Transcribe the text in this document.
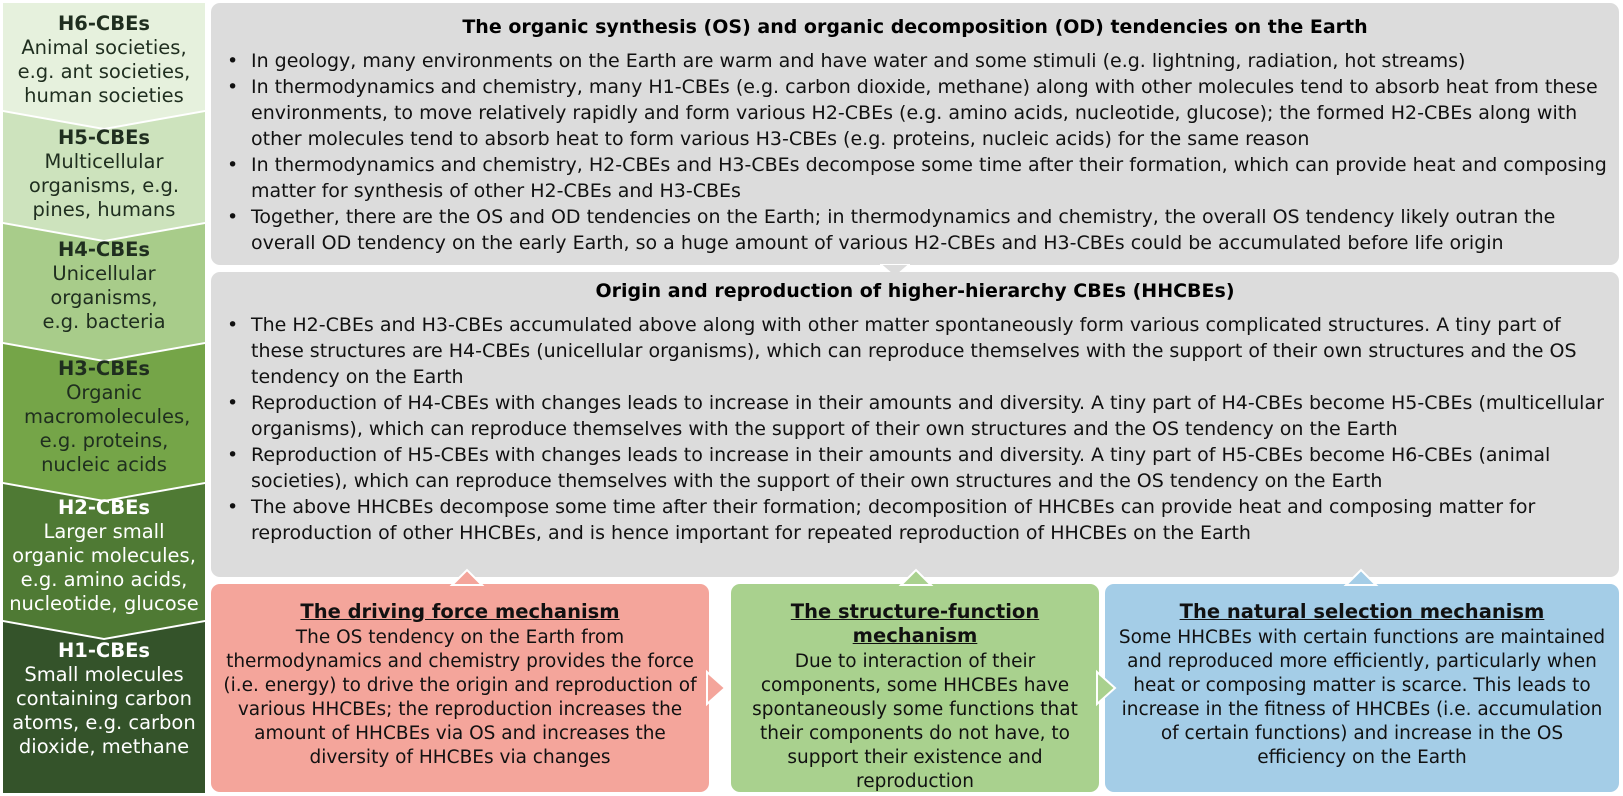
H6-CBEs
Animal societies, e.g. ant societies, human societies
H5-CBEs
Multicellular organisms, e.g. pines, humans
H4-CBEs
Unicellular organisms, e.g. bacteria
H3-CBEs
Organic macromolecules, e.g. proteins, nucleic acids
H2-CBEs
Larger small organic molecules, e.g. amino acids, nucleotide, glucose
H1-CBEs
Small molecules containing carbon atoms, e.g. carbon dioxide, methane
The organic synthesis (OS) and organic decomposition (OD) tendencies on the Earth
• In geology, many environments on the Earth are warm and have water and some stimuli (e.g. lightning, radiation, hot streams)
• In thermodynamics and chemistry, many H1-CBEs (e.g. carbon dioxide, methane) along with other molecules tend to absorb heat from these environments, to move relatively rapidly and form various H2-CBEs (e.g. amino acids, nucleotide, glucose); the formed H2-CBEs along with other molecules tend to absorb heat to form various H3-CBEs (e.g. proteins, nucleic acids) for the same reason
• In thermodynamics and chemistry, H2-CBEs and H3-CBEs decompose some time after their formation, which can provide heat and composing matter for synthesis of other H2-CBEs and H3-CBEs
• Together, there are the OS and OD tendencies on the Earth; in thermodynamics and chemistry, the overall OS tendency likely outran the overall OD tendency on the early Earth, so a huge amount of various H2-CBEs and H3-CBEs could be accumulated before life origin
Origin and reproduction of higher-hierarchy CBEs (HHCBEs)
• The H2-CBEs and H3-CBEs accumulated above along with other matter spontaneously form various complicated structures. A tiny part of these structures are H4-CBEs (unicellular organisms), which can reproduce themselves with the support of their own structures and the OS tendency on the Earth
• Reproduction of H4-CBEs with changes leads to increase in their amounts and diversity. A tiny part of H4-CBEs become H5-CBEs (multicellular organisms), which can reproduce themselves with the support of their own structures and the OS tendency on the Earth
• Reproduction of H5-CBEs with changes leads to increase in their amounts and diversity. A tiny part of H5-CBEs become H6-CBEs (animal societies), which can reproduce themselves with the support of their own structures and the OS tendency on the Earth
• The above HHCBEs decompose some time after their formation; decomposition of HHCBEs can provide heat and composing matter for reproduction of other HHCBEs, and is hence important for repeated reproduction of HHCBEs on the Earth
The driving force mechanism
The OS tendency on the Earth from thermodynamics and chemistry provides the force (i.e. energy) to drive the origin and reproduction of various HHCBEs; the reproduction increases the amount of HHCBEs via OS and increases the diversity of HHCBEs via changes
The structure-function mechanism
Due to interaction of their components, some HHCBEs have spontaneously some functions that their components do not have, to support their existence and reproduction
The natural selection mechanism
Some HHCBEs with certain functions are maintained and reproduced more efficiently, particularly when heat or composing matter is scarce. This leads to increase in the fitness of HHCBEs (i.e. accumulation of certain functions) and increase in the OS efficiency on the Earth
